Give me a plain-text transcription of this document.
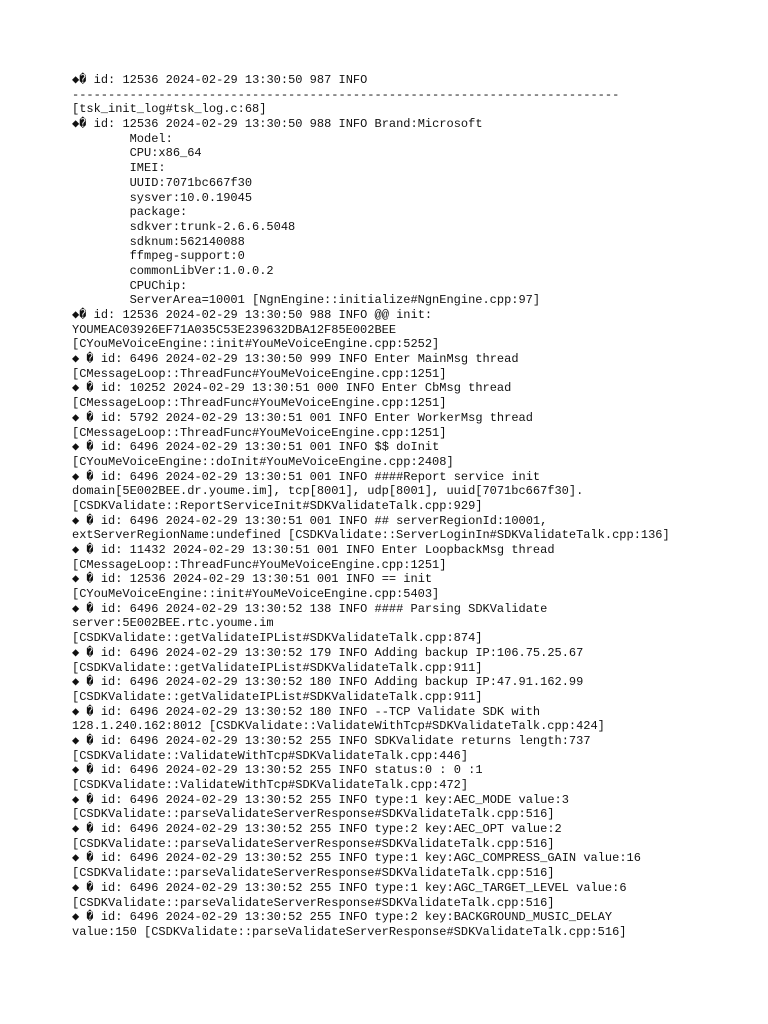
◆� id: 12536 2024-02-29 13:30:50 987 INFO
----------------------------------------------------------------------------
[tsk_init_log#tsk_log.c:68]
◆� id: 12536 2024-02-29 13:30:50 988 INFO Brand:Microsoft
Model:
CPU:x86_64
IMEI:
UUID:7071bc667f30
sysver:10.0.19045
package:
sdkver:trunk-2.6.6.5048
sdknum:562140088
ffmpeg-support:0
commonLibVer:1.0.0.2
CPUChip:
ServerArea=10001 [NgnEngine::initialize#NgnEngine.cpp:97]
◆� id: 12536 2024-02-29 13:30:50 988 INFO @@ init:
YOUMEAC03926EF71A035C53E239632DBA12F85E002BEE
[CYouMeVoiceEngine::init#YouMeVoiceEngine.cpp:5252]
◆ � id: 6496 2024-02-29 13:30:50 999 INFO Enter MainMsg thread
[CMessageLoop::ThreadFunc#YouMeVoiceEngine.cpp:1251]
◆ � id: 10252 2024-02-29 13:30:51 000 INFO Enter CbMsg thread
[CMessageLoop::ThreadFunc#YouMeVoiceEngine.cpp:1251]
◆ � id: 5792 2024-02-29 13:30:51 001 INFO Enter WorkerMsg thread
[CMessageLoop::ThreadFunc#YouMeVoiceEngine.cpp:1251]
◆ � id: 6496 2024-02-29 13:30:51 001 INFO $$ doInit
[CYouMeVoiceEngine::doInit#YouMeVoiceEngine.cpp:2408]
◆ � id: 6496 2024-02-29 13:30:51 001 INFO ####Report service init
domain[5E002BEE.dr.youme.im], tcp[8001], udp[8001], uuid[7071bc667f30].
[CSDKValidate::ReportServiceInit#SDKValidateTalk.cpp:929]
◆ � id: 6496 2024-02-29 13:30:51 001 INFO ## serverRegionId:10001,
extServerRegionName:undefined [CSDKValidate::ServerLoginIn#SDKValidateTalk.cpp:136]
◆ � id: 11432 2024-02-29 13:30:51 001 INFO Enter LoopbackMsg thread
[CMessageLoop::ThreadFunc#YouMeVoiceEngine.cpp:1251]
◆ � id: 12536 2024-02-29 13:30:51 001 INFO == init
[CYouMeVoiceEngine::init#YouMeVoiceEngine.cpp:5403]
◆ � id: 6496 2024-02-29 13:30:52 138 INFO #### Parsing SDKValidate
server:5E002BEE.rtc.youme.im
[CSDKValidate::getValidateIPList#SDKValidateTalk.cpp:874]
◆ � id: 6496 2024-02-29 13:30:52 179 INFO Adding backup IP:106.75.25.67
[CSDKValidate::getValidateIPList#SDKValidateTalk.cpp:911]
◆ � id: 6496 2024-02-29 13:30:52 180 INFO Adding backup IP:47.91.162.99
[CSDKValidate::getValidateIPList#SDKValidateTalk.cpp:911]
◆ � id: 6496 2024-02-29 13:30:52 180 INFO --TCP Validate SDK with
128.1.240.162:8012 [CSDKValidate::ValidateWithTcp#SDKValidateTalk.cpp:424]
◆ � id: 6496 2024-02-29 13:30:52 255 INFO SDKValidate returns length:737
[CSDKValidate::ValidateWithTcp#SDKValidateTalk.cpp:446]
◆ � id: 6496 2024-02-29 13:30:52 255 INFO status:0 : 0 :1
[CSDKValidate::ValidateWithTcp#SDKValidateTalk.cpp:472]
◆ � id: 6496 2024-02-29 13:30:52 255 INFO type:1 key:AEC_MODE value:3
[CSDKValidate::parseValidateServerResponse#SDKValidateTalk.cpp:516]
◆ � id: 6496 2024-02-29 13:30:52 255 INFO type:2 key:AEC_OPT value:2
[CSDKValidate::parseValidateServerResponse#SDKValidateTalk.cpp:516]
◆ � id: 6496 2024-02-29 13:30:52 255 INFO type:1 key:AGC_COMPRESS_GAIN value:16
[CSDKValidate::parseValidateServerResponse#SDKValidateTalk.cpp:516]
◆ � id: 6496 2024-02-29 13:30:52 255 INFO type:1 key:AGC_TARGET_LEVEL value:6
[CSDKValidate::parseValidateServerResponse#SDKValidateTalk.cpp:516]
◆ � id: 6496 2024-02-29 13:30:52 255 INFO type:2 key:BACKGROUND_MUSIC_DELAY
value:150 [CSDKValidate::parseValidateServerResponse#SDKValidateTalk.cpp:516]
